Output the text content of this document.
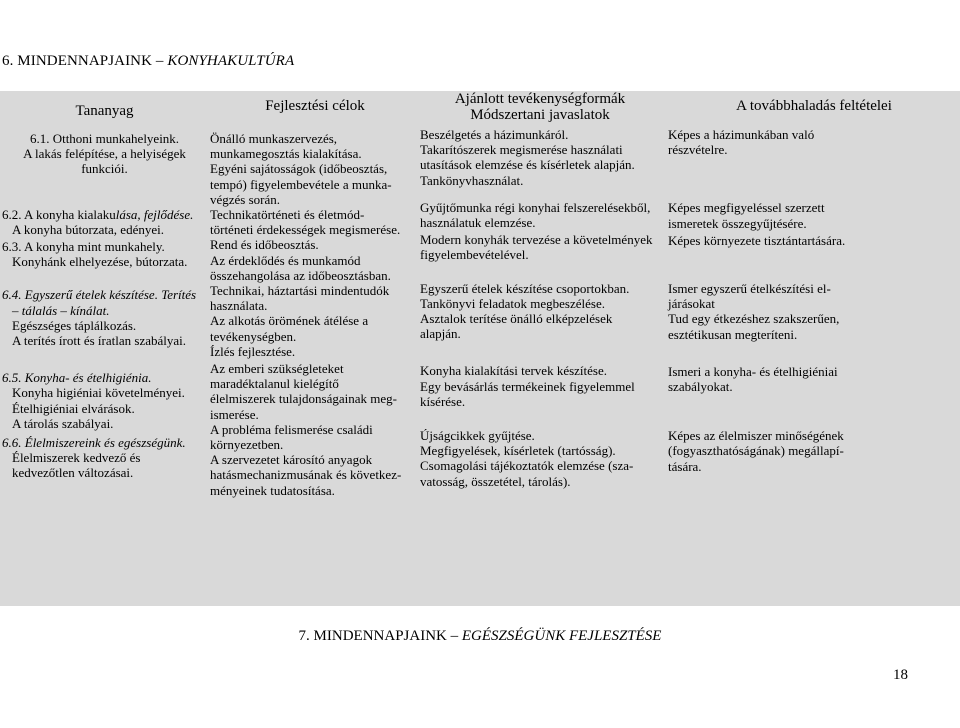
6. MINDENNAPJAINK – KONYHAKULTÚRA
Tananyag
6.1. Otthoni munkahelyeink.
A lakás felépítése, a helyiségek
funkciói.
6.2. A konyha kialakulása, fejlődése.
A konyha bútorzata, edényei.
6.3. A konyha mint munkahely.
Konyhánk elhelyezése, bútorzata.
6.4. Egyszerű ételek készítése. Terítés
– tálalás – kínálat.
Egészséges táplálkozás.
A terítés írott és íratlan szabályai.
6.5. Konyha- és ételhigiénia.
Konyha higiéniai követelményei.
Ételhigiéniai elvárások.
A tárolás szabályai.
6.6. Élelmiszereink és egészségünk.
Élelmiszerek kedvező és
kedvezőtlen változásai.
Fejlesztési célok
Önálló munkaszervezés,
munkamegosztás kialakítása.
Egyéni sajátosságok (időbeosztás,
tempó) figyelembevétele a munka-
végzés során.
Technikatörténeti és életmód-
történeti érdekességek megismerése.
Rend és időbeosztás.
Az érdeklődés és munkamód
összehangolása az időbeosztásban.
Technikai, háztartási mindentudók
használata.
Az alkotás örömének átélése a
tevékenységben.
Ízlés fejlesztése.
Az emberi szükségleteket
maradéktalanul kielégítő
élelmiszerek tulajdonságainak meg-
ismerése.
A probléma felismerése családi
környezetben.
A szervezetet károsító anyagok
hatásmechanizmusának és következ-
ményeinek tudatosítása.
Ajánlott tevékenységformák
Módszertani javaslatok
Beszélgetés a házimunkáról.
Takarítószerek megismerése használati
utasítások elemzése és kísérletek alapján.
Tankönyvhasználat.
Gyűjtőmunka régi konyhai felszerelésekből,
használatuk elemzése.
Modern konyhák tervezése a követelmények
figyelembevételével.
Egyszerű ételek készítése csoportokban.
Tankönyvi feladatok megbeszélése.
Asztalok terítése önálló elképzelések
alapján.
Konyha kialakítási tervek készítése.
Egy bevásárlás termékeinek figyelemmel
kísérése.
Újságcikkek gyűjtése.
Megfigyelések, kísérletek (tartósság).
Csomagolási tájékoztatók elemzése (sza-
vatosság, összetétel, tárolás).
A továbbhaladás feltételei
Képes a házimunkában való
részvételre.
Képes megfigyeléssel szerzett
ismeretek összegyűjtésére.
Képes környezete tisztántartására.
Ismer egyszerű ételkészítési el-
járásokat
Tud egy étkezéshez szakszerűen,
esztétikusan megteríteni.
Ismeri a konyha- és ételhigiéniai
szabályokat.
Képes az élelmiszer minőségének
(fogyaszthatóságának) megállapí-
tására.
7. MINDENNAPJAINK – EGÉSZSÉGÜNK FEJLESZTÉSE
18
